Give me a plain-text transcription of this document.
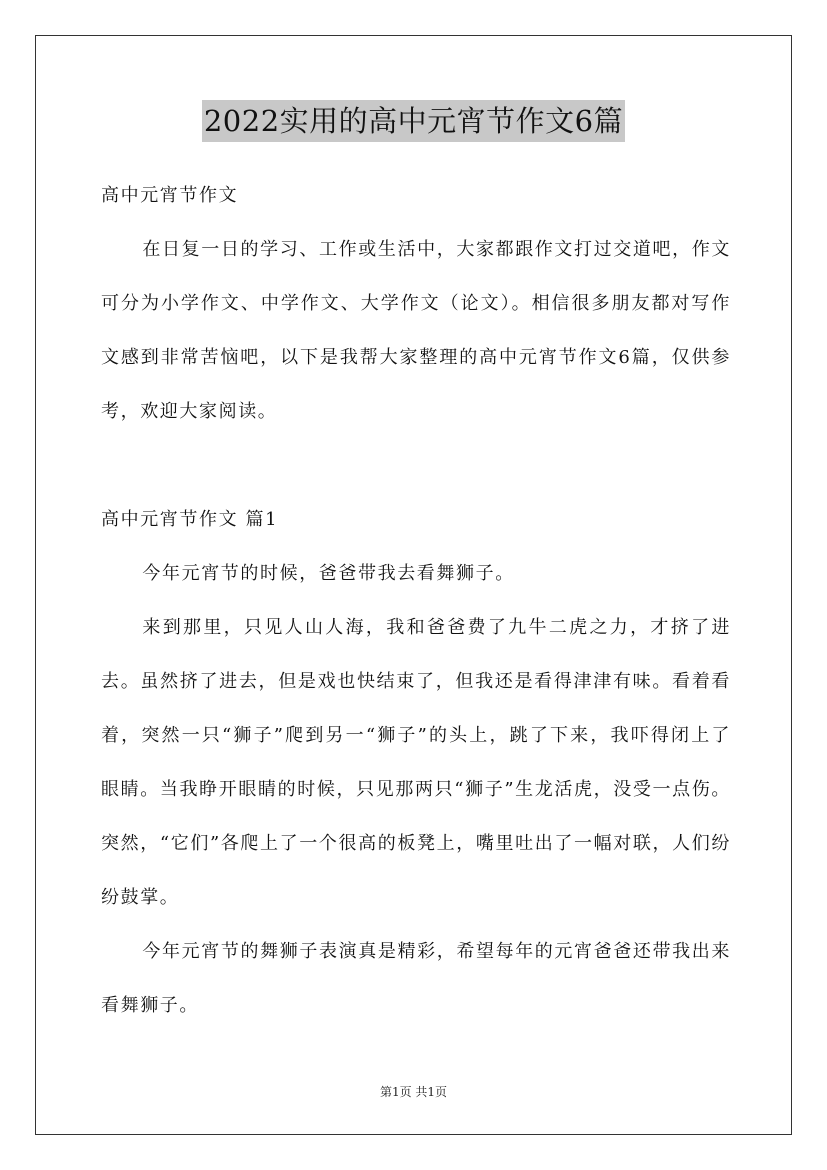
2022实用的高中元宵节作文6篇

高中元宵节作文

在日复一日的学习、工作或生活中，大家都跟作文打过交道吧，作文可分为小学作文、中学作文、大学作文（论文）。相信很多朋友都对写作文感到非常苦恼吧，以下是我帮大家整理的高中元宵节作文6篇，仅供参考，欢迎大家阅读。

高中元宵节作文 篇1

今年元宵节的时候，爸爸带我去看舞狮子。

来到那里，只见人山人海，我和爸爸费了九牛二虎之力，才挤了进去。虽然挤了进去，但是戏也快结束了，但我还是看得津津有味。看着看着，突然一只“狮子”爬到另一“狮子”的头上，跳了下来，我吓得闭上了眼睛。当我睁开眼睛的时候，只见那两只“狮子”生龙活虎，没受一点伤。突然，“它们”各爬上了一个很高的板凳上，嘴里吐出了一幅对联，人们纷纷鼓掌。

今年元宵节的舞狮子表演真是精彩，希望每年的元宵爸爸还带我出来看舞狮子。

第1页 共1页
